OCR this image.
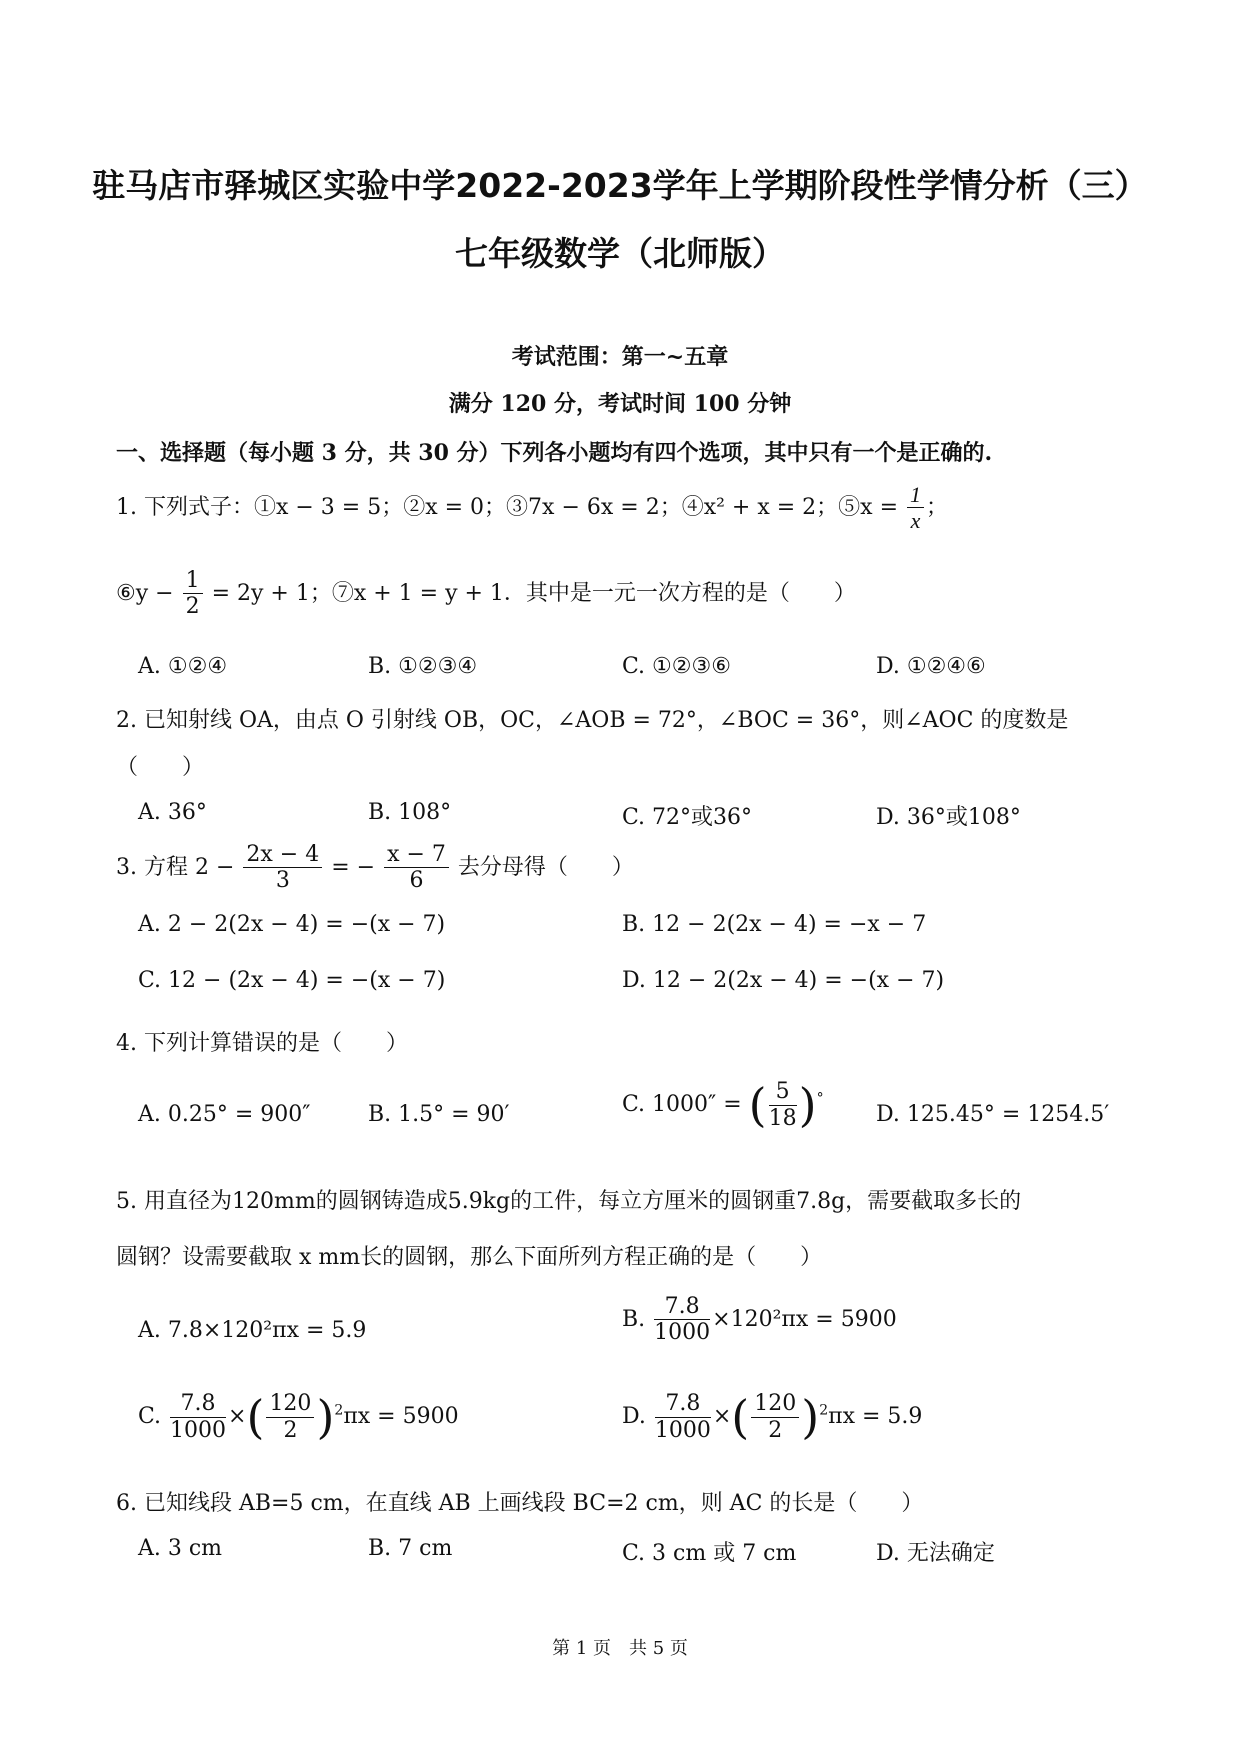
驻马店市驿城区实验中学2022-2023学年上学期阶段性学情分析（三）
七年级数学（北师版）
考试范围：第一~五章
满分 120 分，考试时间 100 分钟
一、选择题（每小题 3 分，共 30 分）下列各小题均有四个选项，其中只有一个是正确的.
1. 下列式子：①x − 3 = 5；②x = 0；③7x − 6x = 2；④x² + x = 2；⑤x = $\frac{1}{x}$ ；
⑥y − $\frac{1}{2} = 2y + 1$；⑦x + 1 = y + 1．其中是一元一次方程的是（　　）
A. ①②④	B. ①②③④	C. ①②③⑥	D. ①②④⑥
2. 已知射线 OA，由点 O 引射线 OB，OC，∠AOB = 72°，∠BOC = 36°，则∠AOC 的度数是
（　　）
A. 36°	B. 108°	C. 72°或36°	D. 36°或108°
3. 方程 $2 - \frac{2x - 4}{3}$ = − $\frac{x - 7}{6}$ 去分母得（　　）
A. 2 − 2(2x − 4) = −(x − 7)	B. 12 − 2(2x − 4) = −x − 7
C. 12 − (2x − 4) = −(x − 7)	D. 12 − 2(2x − 4) = −(x − 7)
4. 下列计算错误的是（　　）
A. 0.25° = 900″	B. 1.5° = 90′	C. 1000″ = ( $\frac{5}{18} )^\circ$
D. 125.45° = 1254.5′
5. 用直径为120mm的圆钢铸造成5.9kg的工件，每立方厘米的圆钢重7.8g，需要截取多长的
圆钢？设需要截取 x mm长的圆钢，那么下面所列方程正确的是（　　）
A. 7.8×120²πx = 5.9	B. $\frac{7.8}{1000} \times 120^2\pi x = 5900$
C. $\frac{7.8}{1000}$ ×( $\frac{120}{2} )^2\pi x = 5900$	D. $\frac{7.8}{1000}$ ×( $\frac{120}{2} )^2\pi x = 5.9$
6. 已知线段 AB=5 cm，在直线 AB 上画线段 BC=2 cm，则 AC 的长是（　　）
A. 3 cm	B. 7 cm	C. 3 cm 或 7 cm	D. 无法确定
第 1 页　共 5 页
